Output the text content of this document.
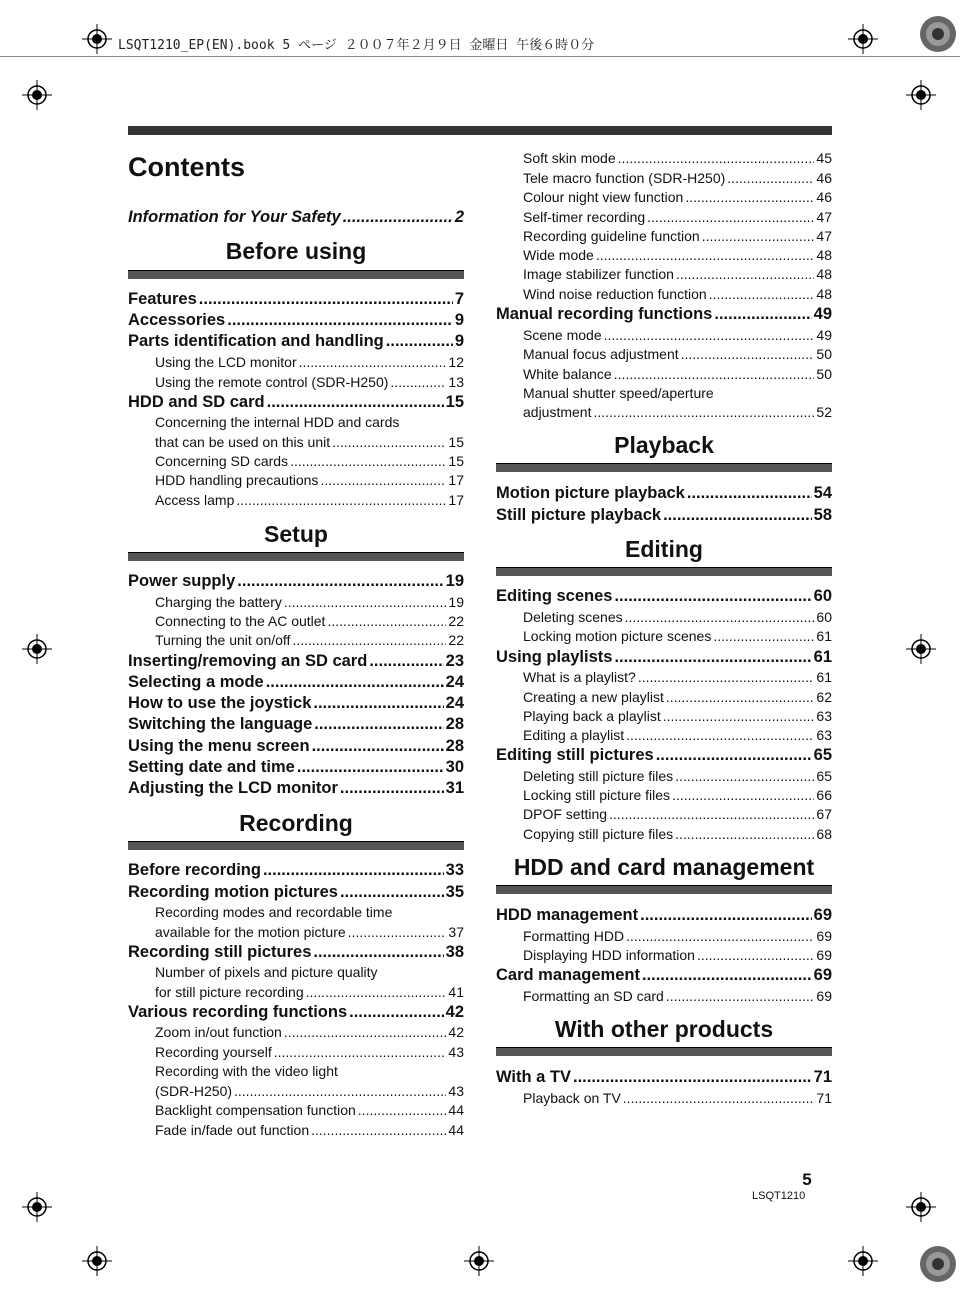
LSQT1210_EP(EN).book 5 ページ ２００７年２月９日 金曜日 午後６時０分
Contents
Information for Your Safety .....	2
Before using
Features .....	7
Accessories .....	9
Parts identification and handling .....	9
Using the LCD monitor .....	12
Using the remote control (SDR-H250) .....	13
HDD and SD card .....	15
Concerning the internal HDD and cards
that can be used on this unit .....	15
Concerning SD cards .....	15
HDD handling precautions .....	17
Access lamp .....	17
Setup
Power supply .....	19
Charging the battery .....	19
Connecting to the AC outlet .....	22
Turning the unit on/off .....	22
Inserting/removing an SD card .....	23
Selecting a mode .....	24
How to use the joystick .....	24
Switching the language .....	28
Using the menu screen .....	28
Setting date and time .....	30
Adjusting the LCD monitor .....	31
Recording
Before recording .....	33
Recording motion pictures .....	35
Recording modes and recordable time
available for the motion picture .....	37
Recording still pictures .....	38
Number of pixels and picture quality
for still picture recording .....	41
Various recording functions .....	42
Zoom in/out function .....	42
Recording yourself .....	43
Recording with the video light
(SDR-H250) .....	43
Backlight compensation function .....	44
Fade in/fade out function .....	44
Soft skin mode .....	45
Tele macro function (SDR-H250) .....	46
Colour night view function .....	46
Self-timer recording .....	47
Recording guideline function .....	47
Wide mode .....	48
Image stabilizer function .....	48
Wind noise reduction function .....	48
Manual recording functions .....	49
Scene mode .....	49
Manual focus adjustment .....	50
White balance .....	50
Manual shutter speed/aperture
adjustment .....	52
Playback
Motion picture playback .....	54
Still picture playback .....	58
Editing
Editing scenes .....	60
Deleting scenes .....	60
Locking motion picture scenes .....	61
Using playlists .....	61
What is a playlist? .....	61
Creating a new playlist .....	62
Playing back a playlist .....	63
Editing a playlist .....	63
Editing still pictures .....	65
Deleting still picture files .....	65
Locking still picture files .....	66
DPOF setting .....	67
Copying still picture files .....	68
HDD and card management
HDD management .....	69
Formatting HDD .....	69
Displaying HDD information .....	69
Card management .....	69
Formatting an SD card .....	69
With other products
With a TV .....	71
Playback on TV .....	71
5
LSQT1210
